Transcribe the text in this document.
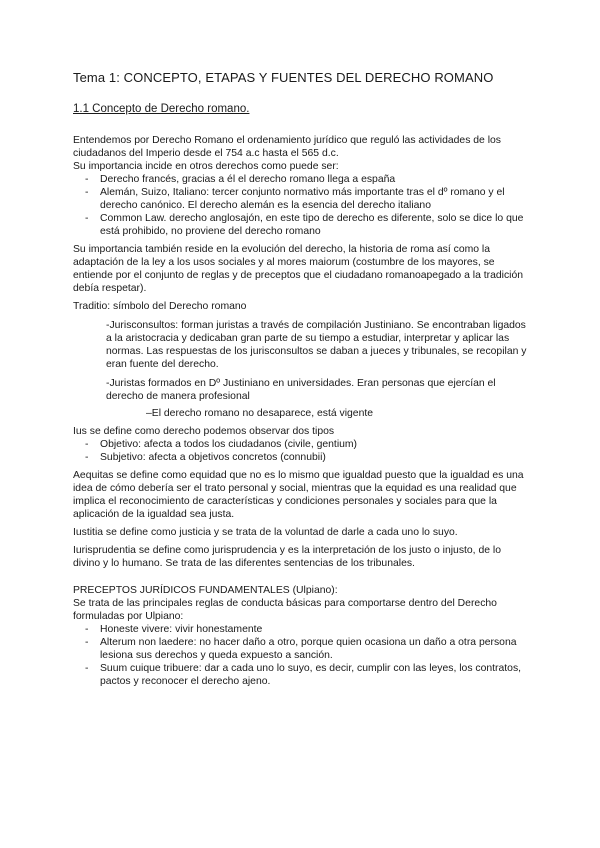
Tema 1: CONCEPTO, ETAPAS Y FUENTES DEL DERECHO ROMANO
1.1 Concepto de Derecho romano.

Entendemos por Derecho Romano el ordenamiento jurídico que reguló las actividades de los ciudadanos del Imperio desde el 754 a.c hasta el 565 d.c.

Su importancia incide en otros derechos como puede ser:

- Derecho francés, gracias a él el derecho romano llega a españa
- Alemán, Suizo, Italiano: tercer conjunto normativo más importante tras el dº romano y el derecho canónico. El derecho alemán es la esencia del derecho italiano
- Common Law. derecho anglosajón, en este tipo de derecho es diferente, solo se dice lo que está prohibido, no proviene del derecho romano

Su importancia también reside en la evolución del derecho, la historia de roma así como la adaptación de la ley a los usos sociales y al mores maiorum (costumbre de los mayores, se entiende por el conjunto de reglas y de preceptos que el ciudadano romanoapegado a la tradición debía respetar).

Traditio: símbolo del Derecho romano

-Jurisconsultos: forman juristas a través de compilación Justiniano. Se encontraban ligados a la aristocracia y dedicaban gran parte de su tiempo a estudiar, interpretar y aplicar las normas. Las respuestas de los jurisconsultos se daban a jueces y tribunales, se recopilan y eran fuente del derecho.

-Juristas formados en Dº Justiniano en universidades. Eran personas que ejercían el derecho de manera profesional

–El derecho romano no desaparece, está vigente

Ius se define como derecho podemos observar dos tipos

- Objetivo: afecta a todos los ciudadanos (civile, gentium)
- Subjetivo: afecta a objetivos concretos (connubii)

Aequitas se define como equidad que no es lo mismo que igualdad puesto que la igualdad es una idea de cómo debería ser el trato personal y social, mientras que la equidad es una realidad que implica el reconocimiento de características y condiciones personales y sociales para que la aplicación de la igualdad sea justa.

Iustitia se define como justicia y se trata de la voluntad de darle a cada uno lo suyo.

Iurisprudentia se define como jurisprudencia y es la interpretación de los justo o injusto, de lo divino y lo humano. Se trata de las diferentes sentencias de los tribunales.

PRECEPTOS JURÍDICOS FUNDAMENTALES (Ulpiano):

Se trata de las principales reglas de conducta básicas para comportarse dentro del Derecho formuladas por Ulpiano:

- Honeste vivere: vivir honestamente
- Alterum non laedere: no hacer daño a otro, porque quien ocasiona un daño a otra persona lesiona sus derechos y queda expuesto a sanción.
- Suum cuique tribuere: dar a cada uno lo suyo, es decir, cumplir con las leyes, los contratos, pactos y reconocer el derecho ajeno.
